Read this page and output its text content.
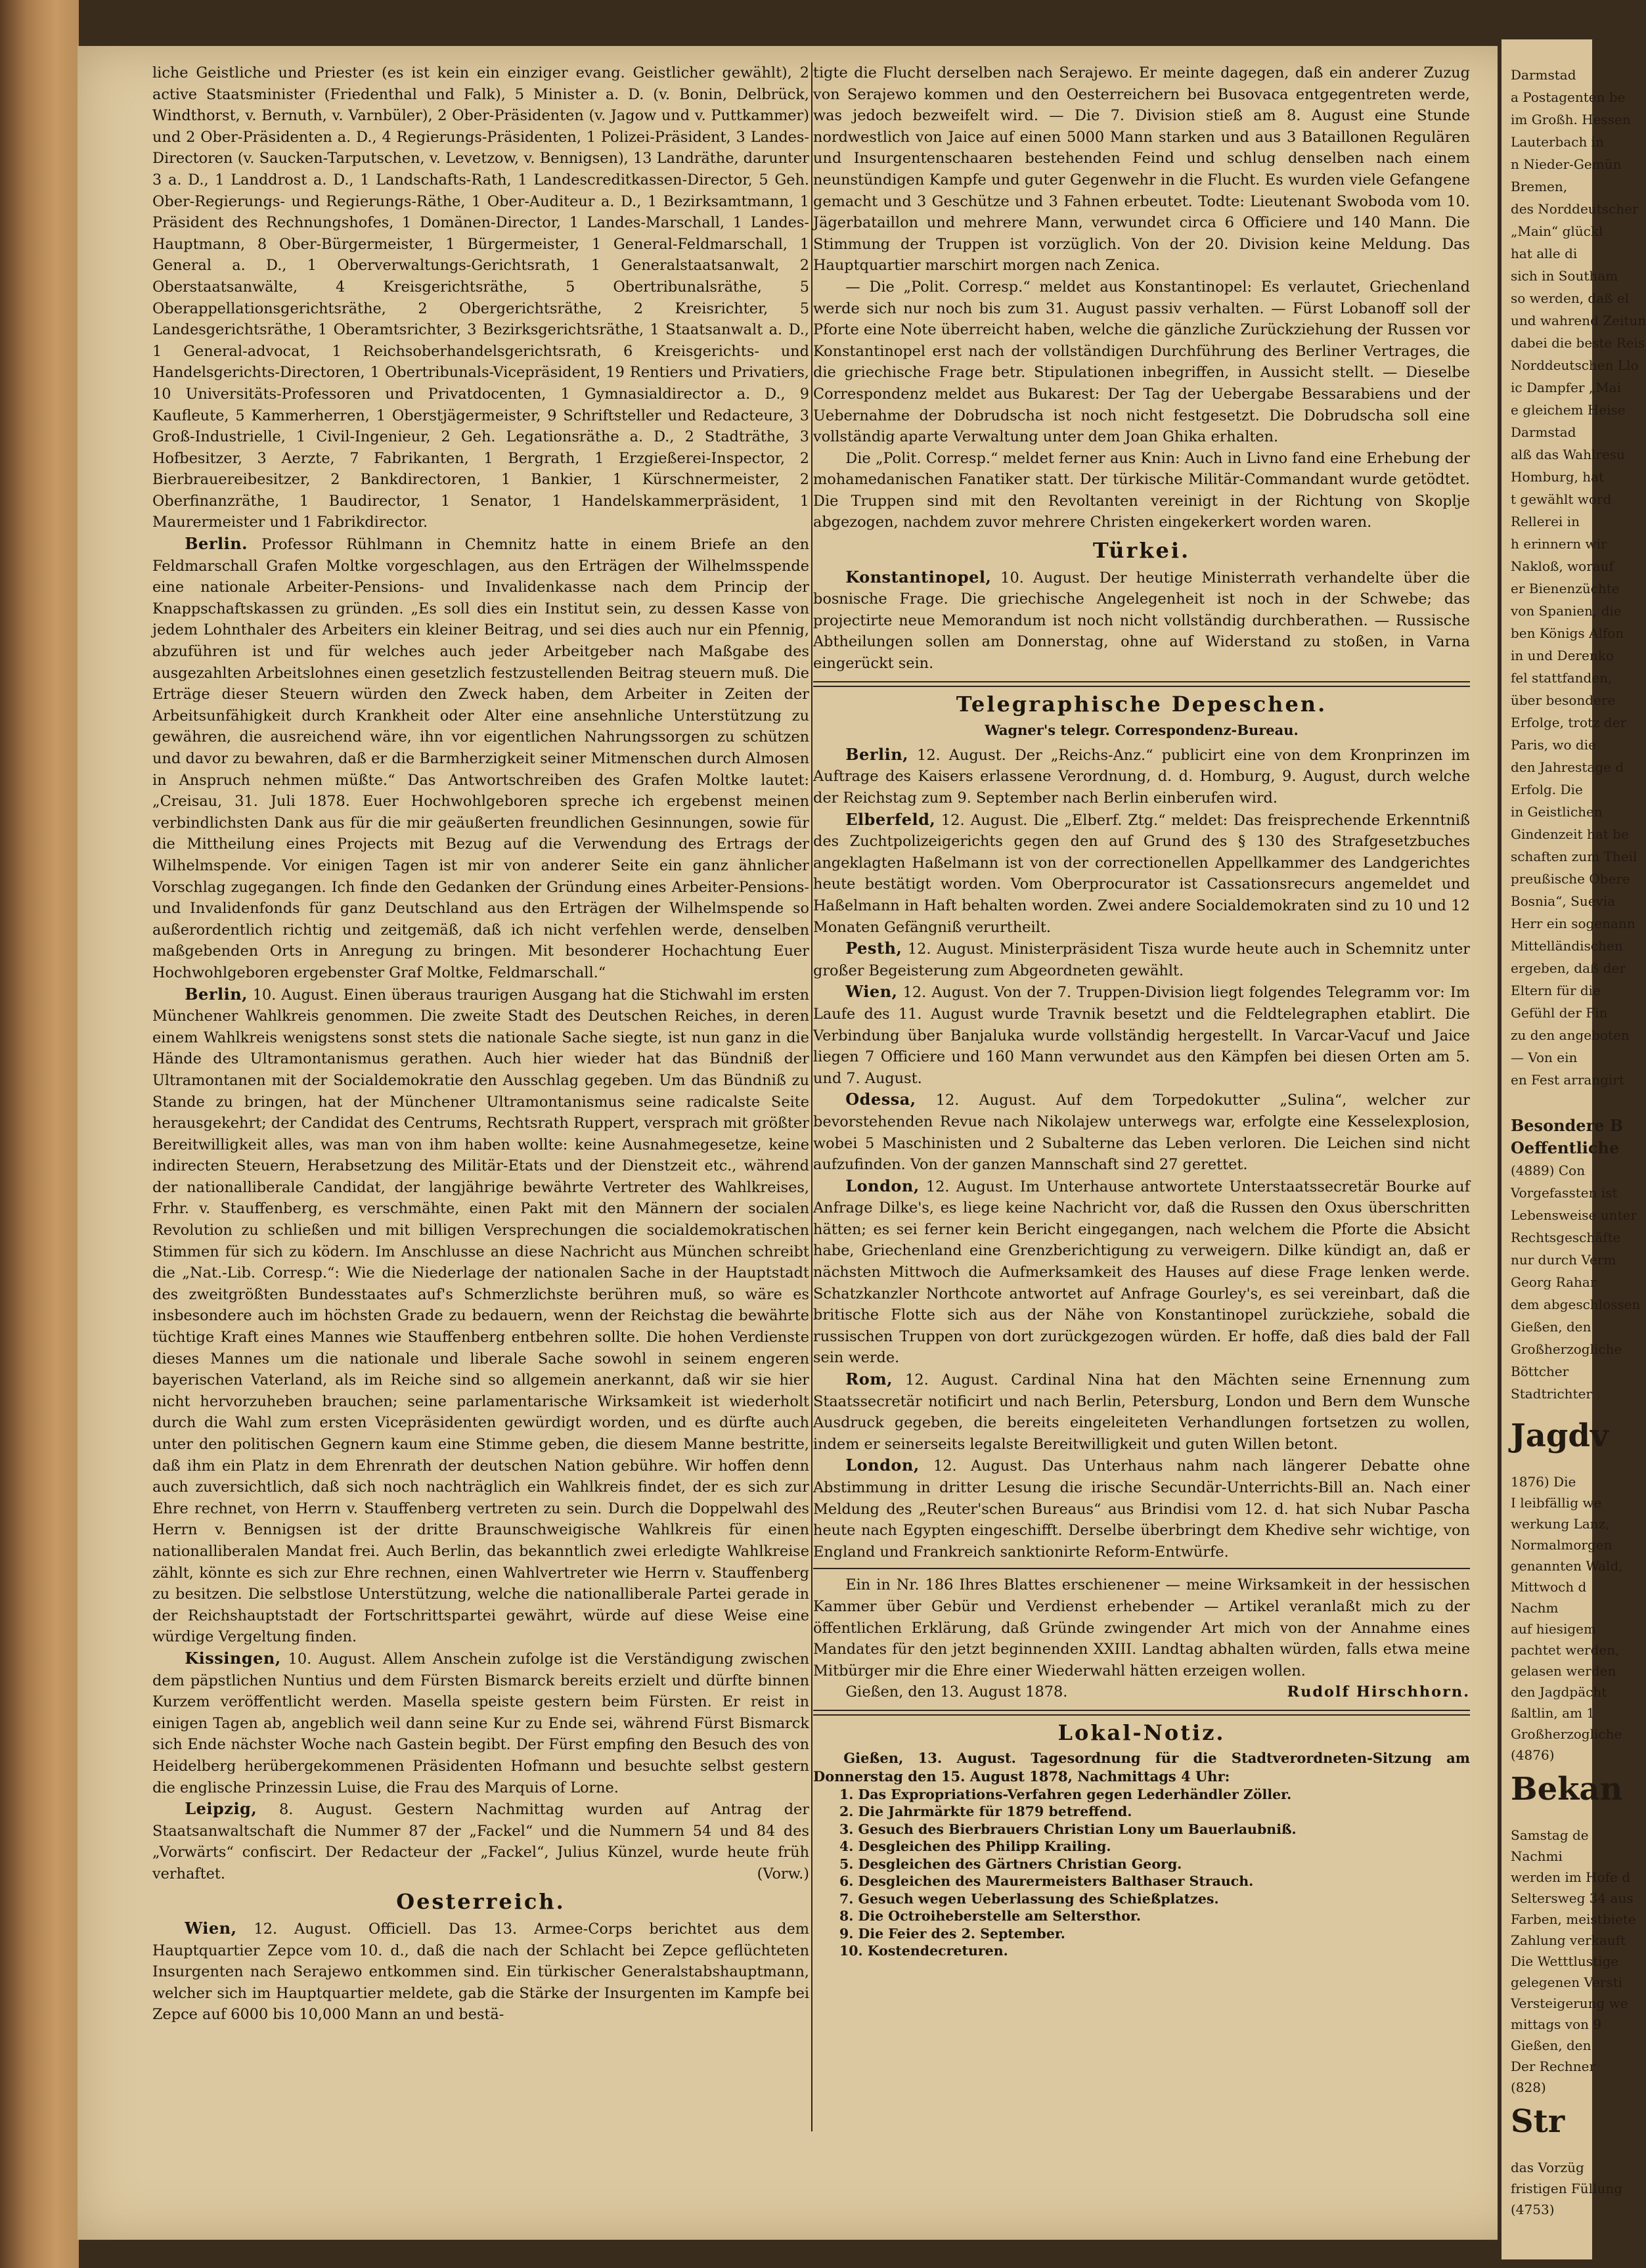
liche Geistliche und Priester (es ist kein ein einziger evang. Geistlicher gewählt), 2 active Staatsminister (Friedenthal und Falk), 5 Minister a. D. (v. Bonin, Delbrück, Windthorst, v. Bernuth, v. Varnbüler), 2 Ober-Präsidenten (v. Jagow und v. Puttkammer) und 2 Ober-Präsidenten a. D., 4 Regierungs-Präsidenten, 1 Polizei-Präsident, 3 Landes-Directoren (v. Saucken-Tarputschen, v. Levetzow, v. Bennigsen), 13 Landräthe, darunter 3 a. D., 1 Landdrost a. D., 1 Landschafts-Rath, 1 Landescreditkassen-Director, 5 Geh. Ober-Regierungs- und Regierungs-Räthe, 1 Ober-Auditeur a. D., 1 Bezirksamtmann, 1 Präsident des Rechnungshofes, 1 Domänen-Director, 1 Landes-Marschall, 1 Landes-Hauptmann, 8 Ober-Bürgermeister, 1 Bürgermeister, 1 General-Feldmarschall, 1 General a. D., 1 Oberverwaltungs-Gerichtsrath, 1 Generalstaatsanwalt, 2 Oberstaatsanwälte, 4 Kreisgerichtsräthe, 5 Obertribunalsräthe, 5 Oberappellationsgerichtsräthe, 2 Obergerichtsräthe, 2 Kreisrichter, 5 Landesgerichtsräthe, 1 Oberamtsrichter, 3 Bezirksgerichtsräthe, 1 Staatsanwalt a. D., 1 General-advocat, 1 Reichsoberhandelsgerichtsrath, 6 Kreisgerichts- und Handelsgerichts-Directoren, 1 Obertribunals-Vicepräsident, 19 Rentiers und Privatiers, 10 Universitäts-Professoren und Privatdocenten, 1 Gymnasialdirector a. D., 9 Kaufleute, 5 Kammerherren, 1 Oberstjägermeister, 9 Schriftsteller und Redacteure, 3 Groß-Industrielle, 1 Civil-Ingenieur, 2 Geh. Legationsräthe a. D., 2 Stadträthe, 3 Hofbesitzer, 3 Aerzte, 7 Fabrikanten, 1 Bergrath, 1 Erzgießerei-Inspector, 2 Bierbrauereibesitzer, 2 Bankdirectoren, 1 Bankier, 1 Kürschnermeister, 2 Oberfinanzräthe, 1 Baudirector, 1 Senator, 1 Handelskammerpräsident, 1 Maurermeister und 1 Fabrikdirector.

Berlin. Professor Rühlmann in Chemnitz hatte in einem Briefe an den Feldmarschall Grafen Moltke vorgeschlagen, aus den Erträgen der Wilhelmsspende eine nationale Arbeiter-Pensions- und Invalidenkasse nach dem Princip der Knappschaftskassen zu gründen. „Es soll dies ein Institut sein, zu dessen Kasse von jedem Lohnthaler des Arbeiters ein kleiner Beitrag, und sei dies auch nur ein Pfennig, abzuführen ist und für welches auch jeder Arbeitgeber nach Maßgabe des ausgezahlten Arbeitslohnes einen gesetzlich festzustellenden Beitrag steuern muß. Die Erträge dieser Steuern würden den Zweck haben, dem Arbeiter in Zeiten der Arbeitsunfähigkeit durch Krankheit oder Alter eine ansehnliche Unterstützung zu gewähren, die ausreichend wäre, ihn vor eigentlichen Nahrungssorgen zu schützen und davor zu bewahren, daß er die Barmherzigkeit seiner Mitmenschen durch Almosen in Anspruch nehmen müßte.“ Das Antwortschreiben des Grafen Moltke lautet: „Creisau, 31. Juli 1878. Euer Hochwohlgeboren spreche ich ergebenst meinen verbindlichsten Dank aus für die mir geäußerten freundlichen Gesinnungen, sowie für die Mittheilung eines Projects mit Bezug auf die Verwendung des Ertrags der Wilhelmspende. Vor einigen Tagen ist mir von anderer Seite ein ganz ähnlicher Vorschlag zugegangen. Ich finde den Gedanken der Gründung eines Arbeiter-Pensions- und Invalidenfonds für ganz Deutschland aus den Erträgen der Wilhelmspende so außerordentlich richtig und zeitgemäß, daß ich nicht verfehlen werde, denselben maßgebenden Orts in Anregung zu bringen. Mit besonderer Hochachtung Euer Hochwohlgeboren ergebenster Graf Moltke, Feldmarschall.“

Berlin, 10. August. Einen überaus traurigen Ausgang hat die Stichwahl im ersten Münchener Wahlkreis genommen. Die zweite Stadt des Deutschen Reiches, in deren einem Wahlkreis wenigstens sonst stets die nationale Sache siegte, ist nun ganz in die Hände des Ultramontanismus gerathen. Auch hier wieder hat das Bündniß der Ultramontanen mit der Socialdemokratie den Ausschlag gegeben. Um das Bündniß zu Stande zu bringen, hat der Münchener Ultramontanismus seine radicalste Seite herausgekehrt; der Candidat des Centrums, Rechtsrath Ruppert, versprach mit größter Bereitwilligkeit alles, was man von ihm haben wollte: keine Ausnahmegesetze, keine indirecten Steuern, Herabsetzung des Militär-Etats und der Dienstzeit etc., während der nationalliberale Candidat, der langjährige bewährte Vertreter des Wahlkreises, Frhr. v. Stauffenberg, es verschmähte, einen Pakt mit den Männern der socialen Revolution zu schließen und mit billigen Versprechungen die socialdemokratischen Stimmen für sich zu ködern. Im Anschlusse an diese Nachricht aus München schreibt die „Nat.-Lib. Corresp.“: Wie die Niederlage der nationalen Sache in der Hauptstadt des zweitgrößten Bundesstaates auf's Schmerzlichste berühren muß, so wäre es insbesondere auch im höchsten Grade zu bedauern, wenn der Reichstag die bewährte tüchtige Kraft eines Mannes wie Stauffenberg entbehren sollte. Die hohen Verdienste dieses Mannes um die nationale und liberale Sache sowohl in seinem engeren bayerischen Vaterland, als im Reiche sind so allgemein anerkannt, daß wir sie hier nicht hervorzuheben brauchen; seine parlamentarische Wirksamkeit ist wiederholt durch die Wahl zum ersten Vicepräsidenten gewürdigt worden, und es dürfte auch unter den politischen Gegnern kaum eine Stimme geben, die diesem Manne bestritte, daß ihm ein Platz in dem Ehrenrath der deutschen Nation gebühre. Wir hoffen denn auch zuversichtlich, daß sich noch nachträglich ein Wahlkreis findet, der es sich zur Ehre rechnet, von Herrn v. Stauffenberg vertreten zu sein. Durch die Doppelwahl des Herrn v. Bennigsen ist der dritte Braunschweigische Wahlkreis für einen nationalliberalen Mandat frei. Auch Berlin, das bekanntlich zwei erledigte Wahlkreise zählt, könnte es sich zur Ehre rechnen, einen Wahlvertreter wie Herrn v. Stauffenberg zu besitzen. Die selbstlose Unterstützung, welche die nationalliberale Partei gerade in der Reichshauptstadt der Fortschrittspartei gewährt, würde auf diese Weise eine würdige Vergeltung finden.

Kissingen, 10. August. Allem Anschein zufolge ist die Verständigung zwischen dem päpstlichen Nuntius und dem Fürsten Bismarck bereits erzielt und dürfte binnen Kurzem veröffentlicht werden. Masella speiste gestern beim Fürsten. Er reist in einigen Tagen ab, angeblich weil dann seine Kur zu Ende sei, während Fürst Bismarck sich Ende nächster Woche nach Gastein begibt. Der Fürst empfing den Besuch des von Heidelberg herübergekommenen Präsidenten Hofmann und besuchte selbst gestern die englische Prinzessin Luise, die Frau des Marquis of Lorne.

Leipzig, 8. August. Gestern Nachmittag wurden auf Antrag der Staatsanwaltschaft die Nummer 87 der „Fackel“ und die Nummern 54 und 84 des „Vorwärts“ confiscirt. Der Redacteur der „Fackel“, Julius Künzel, wurde heute früh verhaftet.	(Vorw.)

Oesterreich.

Wien, 12. August. Officiell. Das 13. Armee-Corps berichtet aus dem Hauptquartier Zepce vom 10. d., daß die nach der Schlacht bei Zepce geflüchteten Insurgenten nach Serajewo entkommen sind. Ein türkischer Generalstabshauptmann, welcher sich im Hauptquartier meldete, gab die Stärke der Insurgenten im Kampfe bei Zepce auf 6000 bis 10,000 Mann an und bestä-

tigte die Flucht derselben nach Serajewo. Er meinte dagegen, daß ein anderer Zuzug von Serajewo kommen und den Oesterreichern bei Busovaca entgegentreten werde, was jedoch bezweifelt wird. — Die 7. Division stieß am 8. August eine Stunde nordwestlich von Jaice auf einen 5000 Mann starken und aus 3 Bataillonen Regulären und Insurgentenschaaren bestehenden Feind und schlug denselben nach einem neunstündigen Kampfe und guter Gegenwehr in die Flucht. Es wurden viele Gefangene gemacht und 3 Geschütze und 3 Fahnen erbeutet. Todte: Lieutenant Swoboda vom 10. Jägerbataillon und mehrere Mann, verwundet circa 6 Officiere und 140 Mann. Die Stimmung der Truppen ist vorzüglich. Von der 20. Division keine Meldung. Das Hauptquartier marschirt morgen nach Zenica.

— Die „Polit. Corresp.“ meldet aus Konstantinopel: Es verlautet, Griechenland werde sich nur noch bis zum 31. August passiv verhalten. — Fürst Lobanoff soll der Pforte eine Note überreicht haben, welche die gänzliche Zurückziehung der Russen vor Konstantinopel erst nach der vollständigen Durchführung des Berliner Vertrages, die die griechische Frage betr. Stipulationen inbegriffen, in Aussicht stellt. — Dieselbe Correspondenz meldet aus Bukarest: Der Tag der Uebergabe Bessarabiens und der Uebernahme der Dobrudscha ist noch nicht festgesetzt. Die Dobrudscha soll eine vollständig aparte Verwaltung unter dem Joan Ghika erhalten.

Die „Polit. Corresp.“ meldet ferner aus Knin: Auch in Livno fand eine Erhebung der mohamedanischen Fanatiker statt. Der türkische Militär-Commandant wurde getödtet. Die Truppen sind mit den Revoltanten vereinigt in der Richtung von Skoplje abgezogen, nachdem zuvor mehrere Christen eingekerkert worden waren.

Türkei.

Konstantinopel, 10. August. Der heutige Ministerrath verhandelte über die bosnische Frage. Die griechische Angelegenheit ist noch in der Schwebe; das projectirte neue Memorandum ist noch nicht vollständig durchberathen. — Russische Abtheilungen sollen am Donnerstag, ohne auf Widerstand zu stoßen, in Varna eingerückt sein.

Telegraphische Depeschen.
Wagner's telegr. Correspondenz-Bureau.

Berlin, 12. August. Der „Reichs-Anz.“ publicirt eine von dem Kronprinzen im Auftrage des Kaisers erlassene Verordnung, d. d. Homburg, 9. August, durch welche der Reichstag zum 9. September nach Berlin einberufen wird.

Elberfeld, 12. August. Die „Elberf. Ztg.“ meldet: Das freisprechende Erkenntniß des Zuchtpolizeigerichts gegen den auf Grund des § 130 des Strafgesetzbuches angeklagten Haßelmann ist von der correctionellen Appellkammer des Landgerichtes heute bestätigt worden. Vom Oberprocurator ist Cassationsrecurs angemeldet und Haßelmann in Haft behalten worden. Zwei andere Socialdemokraten sind zu 10 und 12 Monaten Gefängniß verurtheilt.

Pesth, 12. August. Ministerpräsident Tisza wurde heute auch in Schemnitz unter großer Begeisterung zum Abgeordneten gewählt.

Wien, 12. August. Von der 7. Truppen-Division liegt folgendes Telegramm vor: Im Laufe des 11. August wurde Travnik besetzt und die Feldtelegraphen etablirt. Die Verbindung über Banjaluka wurde vollständig hergestellt. In Varcar-Vacuf und Jaice liegen 7 Officiere und 160 Mann verwundet aus den Kämpfen bei diesen Orten am 5. und 7. August.

Odessa, 12. August. Auf dem Torpedokutter „Sulina“, welcher zur bevorstehenden Revue nach Nikolajew unterwegs war, erfolgte eine Kesselexplosion, wobei 5 Maschinisten und 2 Subalterne das Leben verloren. Die Leichen sind nicht aufzufinden. Von der ganzen Mannschaft sind 27 gerettet.

London, 12. August. Im Unterhause antwortete Unterstaatssecretär Bourke auf Anfrage Dilke's, es liege keine Nachricht vor, daß die Russen den Oxus überschritten hätten; es sei ferner kein Bericht eingegangen, nach welchem die Pforte die Absicht habe, Griechenland eine Grenzberichtigung zu verweigern. Dilke kündigt an, daß er nächsten Mittwoch die Aufmerksamkeit des Hauses auf diese Frage lenken werde. Schatzkanzler Northcote antwortet auf Anfrage Gourley's, es sei vereinbart, daß die britische Flotte sich aus der Nähe von Konstantinopel zurückziehe, sobald die russischen Truppen von dort zurückgezogen würden. Er hoffe, daß dies bald der Fall sein werde.

Rom, 12. August. Cardinal Nina hat den Mächten seine Ernennung zum Staatssecretär notificirt und nach Berlin, Petersburg, London und Bern dem Wunsche Ausdruck gegeben, die bereits eingeleiteten Verhandlungen fortsetzen zu wollen, indem er seinerseits legalste Bereitwilligkeit und guten Willen betont.

London, 12. August. Das Unterhaus nahm nach längerer Debatte ohne Abstimmung in dritter Lesung die irische Secundär-Unterrichts-Bill an. Nach einer Meldung des „Reuter'schen Bureaus“ aus Brindisi vom 12. d. hat sich Nubar Pascha heute nach Egypten eingeschifft. Derselbe überbringt dem Khedive sehr wichtige, von England und Frankreich sanktionirte Reform-Entwürfe.

Ein in Nr. 186 Ihres Blattes erschienener — meine Wirksamkeit in der hessischen Kammer über Gebür und Verdienst erhebender — Artikel veranlaßt mich zu der öffentlichen Erklärung, daß Gründe zwingender Art mich von der Annahme eines Mandates für den jetzt beginnenden XXIII. Landtag abhalten würden, falls etwa meine Mitbürger mir die Ehre einer Wiederwahl hätten erzeigen wollen.

Gießen, den 13. August 1878.	Rudolf Hirschhorn.
Lokal-Notiz.

Gießen, 13. August. Tagesordnung für die Stadtverordneten-Sitzung am Donnerstag den 15. August 1878, Nachmittags 4 Uhr:

1. Das Expropriations-Verfahren gegen Lederhändler Zöller.
2. Die Jahrmärkte für 1879 betreffend.
3. Gesuch des Bierbrauers Christian Lony um Bauerlaubniß.
4. Desgleichen des Philipp Krailing.
5. Desgleichen des Gärtners Christian Georg.
6. Desgleichen des Maurermeisters Balthaser Strauch.
7. Gesuch wegen Ueberlassung des Schießplatzes.
8. Die Octroiheberstelle am Seltersthor.
9. Die Feier des 2. September.
10. Kostendecreturen.
Darmstad
a Postagenten be
im Großh. Hessen
Lauterbach in
n Nieder-Gemün
Bremen,
des Norddeutscher
„Main“ glückl
hat alle di
sich in Southam
so werden, daß el
und wahrend Zeitun
dabei die beste Reis
Norddeutschen Llo
ic Dampfer „Mai
e gleichem Heise
Darmstad
alß das Wahlresu
Homburg, hat
t gewählt word
Rellerei in
h erinnern wir
Nakloß, worauf
er Bienenzüchte
von Spanien, die
ben Königs Alfon
in und Derenko
fel stattfanden,
über besondere
Erfolge, trotz der
Paris, wo die
den Jahrestage d
Erfolg. Die
in Geistlichen
Gindenzeit hat be
schaften zum Theil
preußische Obere
Bosnia“, Suevia
Herr ein sogenann
Mittelländischen
ergeben, daß der
Eltern für die
Gefühl der Fin
zu den angeboten
— Von ein
en Fest arrangirt
Besondere B
Oeffentliche
(4889) Con
Vorgefassten ist
Lebensweise unter
Rechtsgeschäfte
nur durch Verm
Georg Rahar
dem abgeschlossen
Gießen, den
Großherzogliche
Böttcher
Stadtrichter
Jagdv
1876) Die
I leibfällig we
werkung Lanz,
Normalmorgen
genannten Wald,
Mittwoch d
Nachm
auf hiesigem
pachtet werden,
gelasen werden
den Jagdpächt
ßaltlin, am 1
Großherzogliche
(4876)
Bekan
Samstag de
Nachmi
werden im Hofe d
Seltersweg 34 aus
Farben, meistbiete
Zahlung verkauft
Die Wetttlustige
gelegenen Versti
Versteigerung we
mittags von 9
Gießen, den
Der Rechner
(828)
Str
das Vorzüg
fristigen Füllung
(4753)
